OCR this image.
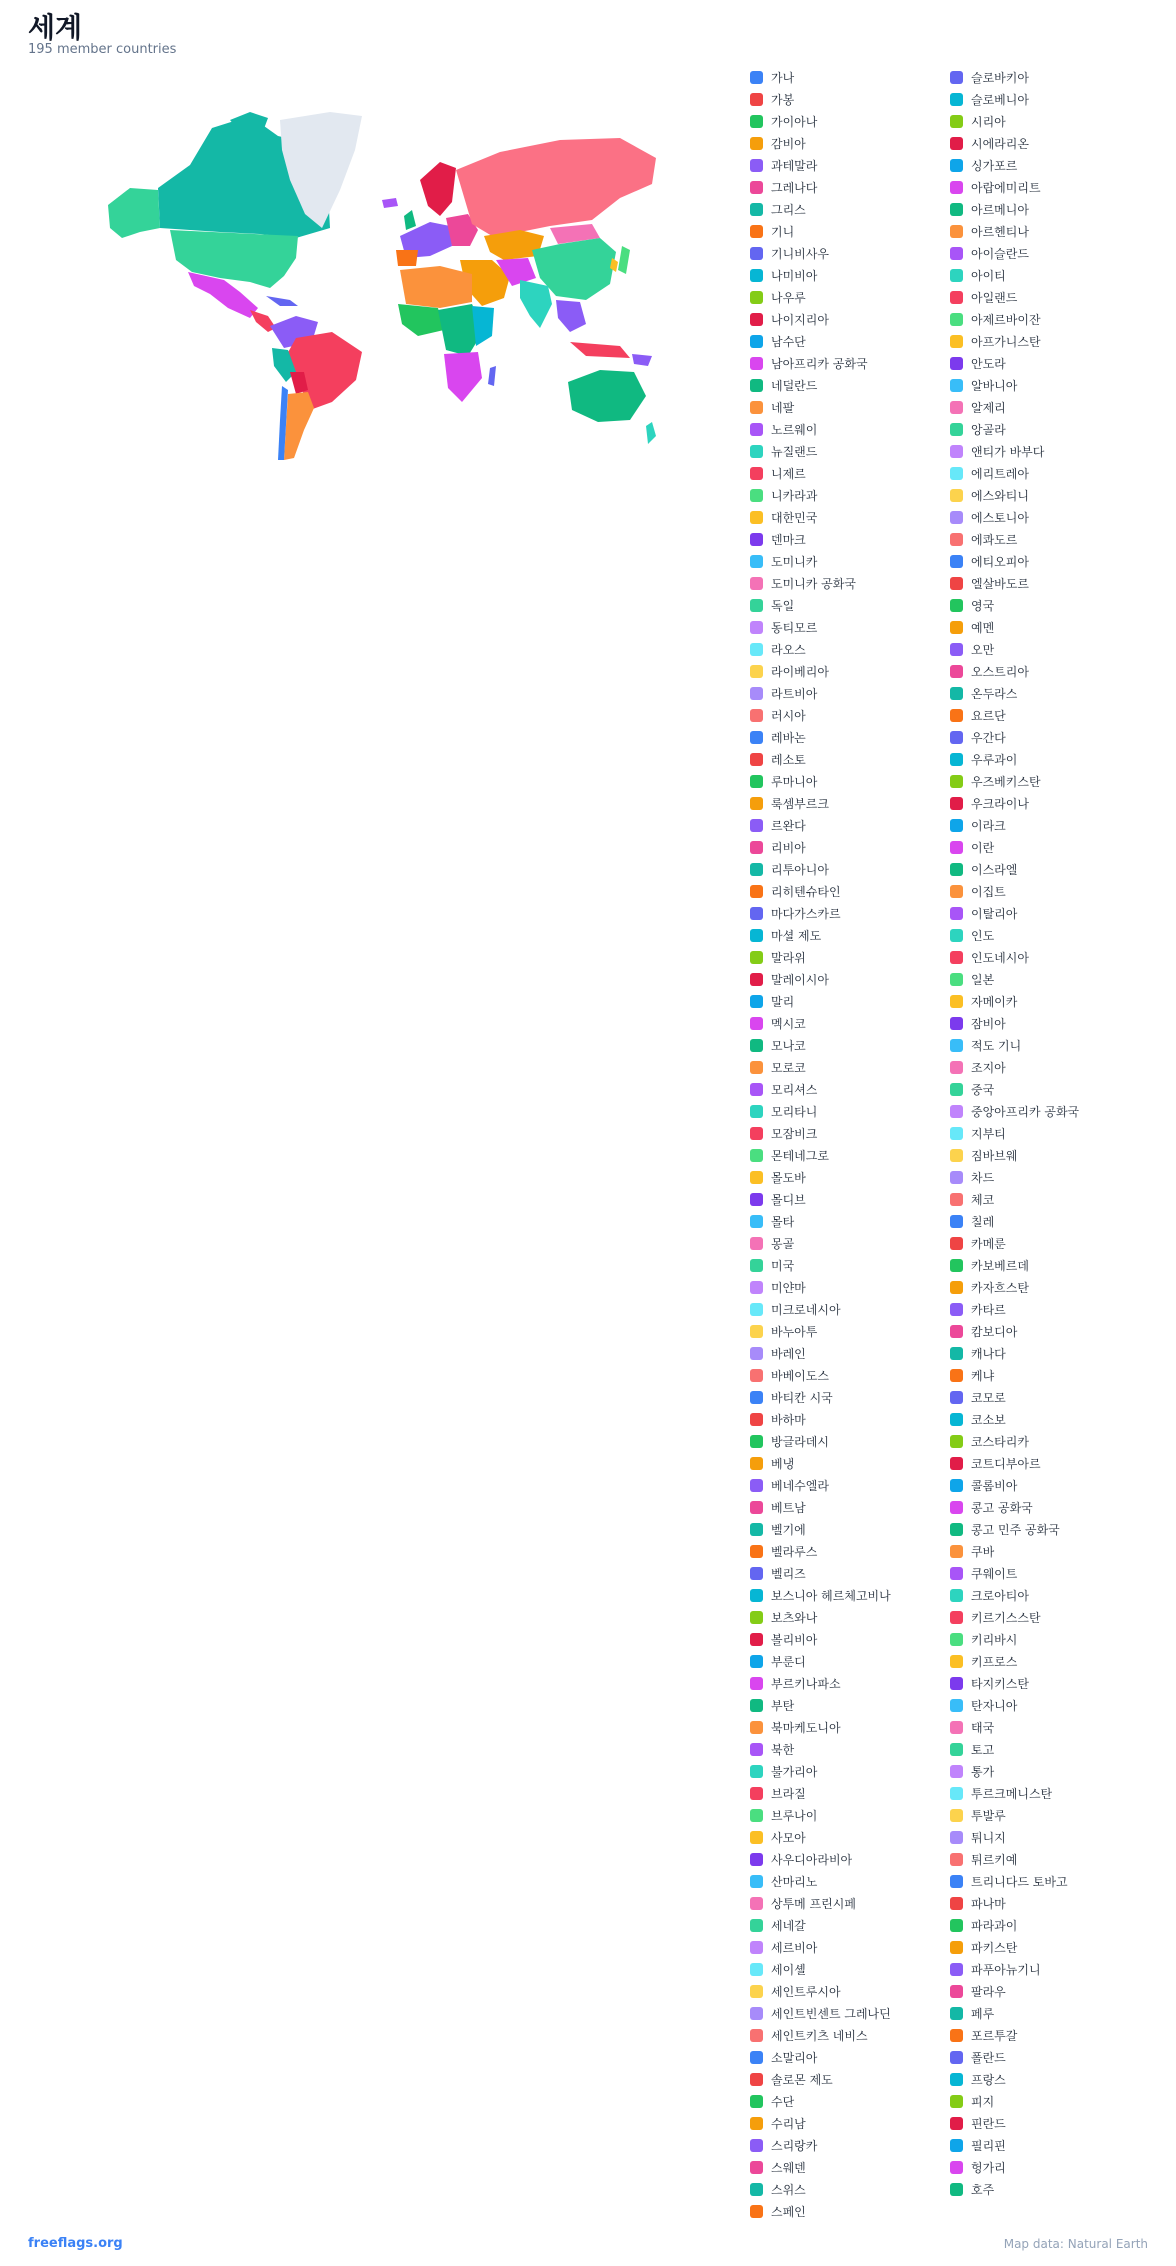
세계
195 member countries
가나
가봉
가이아나
감비아
과테말라
그레나다
그리스
기니
기니비사우
나미비아
나우루
나이지리아
남수단
남아프리카 공화국
네덜란드
네팔
노르웨이
뉴질랜드
니제르
니카라과
대한민국
덴마크
도미니카
도미니카 공화국
독일
동티모르
라오스
라이베리아
라트비아
러시아
레바논
레소토
루마니아
룩셈부르크
르완다
리비아
리투아니아
리히텐슈타인
마다가스카르
마셜 제도
말라위
말레이시아
말리
멕시코
모나코
모로코
모리셔스
모리타니
모잠비크
몬테네그로
몰도바
몰디브
몰타
몽골
미국
미얀마
미크로네시아
바누아투
바레인
바베이도스
바티칸 시국
바하마
방글라데시
베냉
베네수엘라
베트남
벨기에
벨라루스
벨리즈
보스니아 헤르체고비나
보츠와나
볼리비아
부룬디
부르키나파소
부탄
북마케도니아
북한
불가리아
브라질
브루나이
사모아
사우디아라비아
산마리노
상투메 프린시페
세네갈
세르비아
세이셸
세인트루시아
세인트빈센트 그레나딘
세인트키츠 네비스
소말리아
솔로몬 제도
수단
수리남
스리랑카
스웨덴
스위스
스페인
슬로바키아
슬로베니아
시리아
시에라리온
싱가포르
아랍에미리트
아르메니아
아르헨티나
아이슬란드
아이티
아일랜드
아제르바이잔
아프가니스탄
안도라
알바니아
알제리
앙골라
앤티가 바부다
에리트레아
에스와티니
에스토니아
에콰도르
에티오피아
엘살바도르
영국
예멘
오만
오스트리아
온두라스
요르단
우간다
우루과이
우즈베키스탄
우크라이나
이라크
이란
이스라엘
이집트
이탈리아
인도
인도네시아
일본
자메이카
잠비아
적도 기니
조지아
중국
중앙아프리카 공화국
지부티
짐바브웨
차드
체코
칠레
카메룬
카보베르데
카자흐스탄
카타르
캄보디아
캐나다
케냐
코모로
코소보
코스타리카
코트디부아르
콜롬비아
콩고 공화국
콩고 민주 공화국
쿠바
쿠웨이트
크로아티아
키르기스스탄
키리바시
키프로스
타지키스탄
탄자니아
태국
토고
통가
투르크메니스탄
투발루
튀니지
튀르키예
트리니다드 토바고
파나마
파라과이
파키스탄
파푸아뉴기니
팔라우
페루
포르투갈
폴란드
프랑스
피지
핀란드
필리핀
헝가리
호주
freeflags.org	Map data: Natural Earth
